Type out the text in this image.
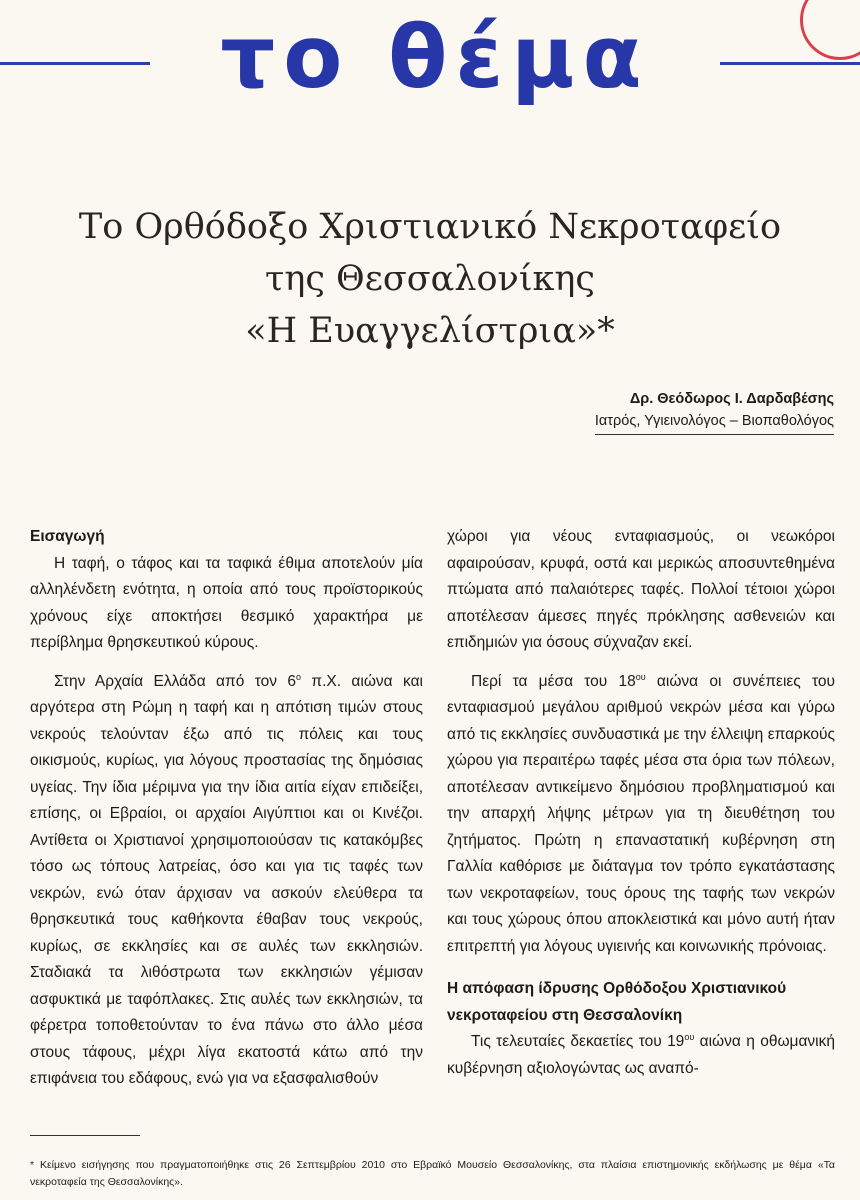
το θέμα
Το Ορθόδοξο Χριστιανικό Νεκροταφείο
της Θεσσαλονίκης
«Η Ευαγγελίστρια»*
Δρ. Θεόδωρος Ι. Δαρδαβέσης
Ιατρός, Υγιεινολόγος – Βιοπαθολόγος
Εισαγωγή

Η ταφή, ο τάφος και τα ταφικά έθιμα αποτελούν μία αλληλένδετη ενότητα, η οποία από τους προϊστορικούς χρόνους είχε αποκτήσει θεσμικό χαρακτήρα με περίβλημα θρησκευτικού κύρους.

Στην Αρχαία Ελλάδα από τον $6^o$ π.Χ. αιώνα και αργότερα στη Ρώμη η ταφή και η απότιση τιμών στους νεκρούς τελούνταν έξω από τις πόλεις και τους οικισμούς, κυρίως, για λόγους προστασίας της δημόσιας υγείας. Την ίδια μέριμνα για την ίδια αιτία είχαν επιδείξει, επίσης, οι Εβραίοι, οι αρχαίοι Αιγύπτιοι και οι Κινέζοι. Αντίθετα οι Χριστιανοί χρησιμοποιούσαν τις κατακόμβες τόσο ως τόπους λατρείας, όσο και για τις ταφές των νεκρών, ενώ όταν άρχισαν να ασκούν ελεύθερα τα θρησκευτικά τους καθήκοντα έθαβαν τους νεκρούς, κυρίως, σε εκκλησίες και σε αυλές των εκκλησιών. Σταδιακά τα λιθόστρωτα των εκκλησιών γέμισαν ασφυκτικά με ταφόπλακες. Στις αυλές των εκκλησιών, τα φέρετρα τοποθετούνταν το ένα πάνω στο άλλο μέσα στους τάφους, μέχρι λίγα εκατοστά κάτω από την επιφάνεια του εδάφους, ενώ για να εξασφαλισθούν

χώροι για νέους ενταφιασμούς, οι νεωκόροι αφαιρούσαν, κρυφά, οστά και μερικώς αποσυντεθημένα πτώματα από παλαιότερες ταφές. Πολλοί τέτοιοι χώροι αποτέλεσαν άμεσες πηγές πρόκλησης ασθενειών και επιδημιών για όσους σύχναζαν εκεί.

Περί τα μέσα του $18^{o\upsilon}$ αιώνα οι συνέπειες του ενταφιασμού μεγάλου αριθμού νεκρών μέσα και γύρω από τις εκκλησίες συνδυαστικά με την έλλειψη επαρκούς χώρου για περαιτέρω ταφές μέσα στα όρια των πόλεων, αποτέλεσαν αντικείμενο δημόσιου προβληματισμού και την απαρχή λήψης μέτρων για τη διευθέτηση του ζητήματος. Πρώτη η επαναστατική κυβέρνηση στη Γαλλία καθόρισε με διάταγμα τον τρόπο εγκατάστασης των νεκροταφείων, τους όρους της ταφής των νεκρών και τους χώρους όπου αποκλειστικά και μόνο αυτή ήταν επιτρεπτή για λόγους υγιεινής και κοινωνικής πρόνοιας.

Η απόφαση ίδρυσης Ορθόδοξου Χριστιανικού νεκροταφείου στη Θεσσαλονίκη

Τις τελευταίες δεκαετίες του $19^{o\upsilon}$ αιώνα η οθωμανική κυβέρνηση αξιολογώντας ως αναπό-

* Κείμενο εισήγησης που πραγματοποιήθηκε στις 26 Σεπτεμβρίου 2010 στο Εβραϊκό Μουσείο Θεσσαλονίκης, στα πλαίσια επιστημονικής εκδήλωσης με θέμα «Τα νεκροταφεία της Θεσσαλονίκης».
